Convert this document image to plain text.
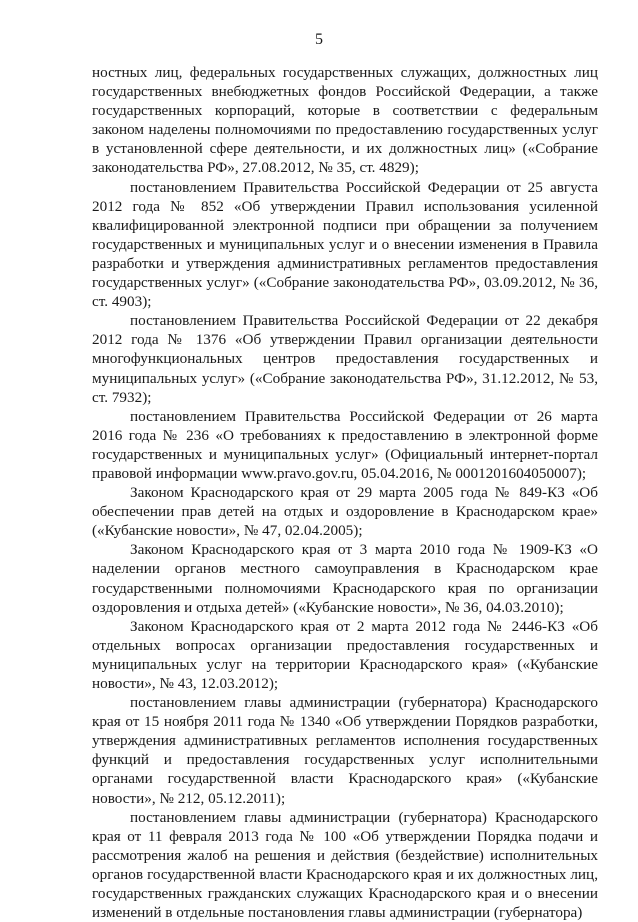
5

ностных лиц, федеральных государственных служащих, должностных лиц государственных внебюджетных фондов Российской Федерации, а также государственных корпораций, которые в соответствии с федеральным законом наделены полномочиями по предоставлению государственных услуг в установленной сфере деятельности, и их должностных лиц» («Собрание законодательства РФ», 27.08.2012, № 35, ст. 4829);

постановлением Правительства Российской Федерации от 25 августа 2012 года № 852 «Об утверждении Правил использования усиленной квалифицированной электронной подписи при обращении за получением государственных и муниципальных услуг и о внесении изменения в Правила разработки и утверждения административных регламентов предоставления государственных услуг» («Собрание законодательства РФ», 03.09.2012, № 36, ст. 4903);

постановлением Правительства Российской Федерации от 22 декабря 2012 года № 1376 «Об утверждении Правил организации деятельности многофункциональных центров предоставления государственных и муниципальных услуг» («Собрание законодательства РФ», 31.12.2012, № 53, ст. 7932);

постановлением Правительства Российской Федерации от 26 марта 2016 года № 236 «О требованиях к предоставлению в электронной форме государственных и муниципальных услуг» (Официальный интернет-портал правовой информации www.pravo.gov.ru, 05.04.2016, № 0001201604050007);

Законом Краснодарского края от 29 марта 2005 года № 849-КЗ «Об обеспечении прав детей на отдых и оздоровление в Краснодарском крае» («Кубанские новости», № 47, 02.04.2005);

Законом Краснодарского края от 3 марта 2010 года № 1909-КЗ «О наделении органов местного самоуправления в Краснодарском крае государственными полномочиями Краснодарского края по организации оздоровления и отдыха детей» («Кубанские новости», № 36, 04.03.2010);

Законом Краснодарского края от 2 марта 2012 года № 2446-КЗ «Об отдельных вопросах организации предоставления государственных и муниципальных услуг на территории Краснодарского края» («Кубанские новости», № 43, 12.03.2012);

постановлением главы администрации (губернатора) Краснодарского края от 15 ноября 2011 года № 1340 «Об утверждении Порядков разработки, утверждения административных регламентов исполнения государственных функций и предоставления государственных услуг исполнительными органами государственной власти Краснодарского края» («Кубанские новости», № 212, 05.12.2011);

постановлением главы администрации (губернатора) Краснодарского края от 11 февраля 2013 года № 100 «Об утверждении Порядка подачи и рассмотрения жалоб на решения и действия (бездействие) исполнительных органов государственной власти Краснодарского края и их должностных лиц, государственных гражданских служащих Краснодарского края и о внесении изменений в отдельные постановления главы администрации (губернатора)
